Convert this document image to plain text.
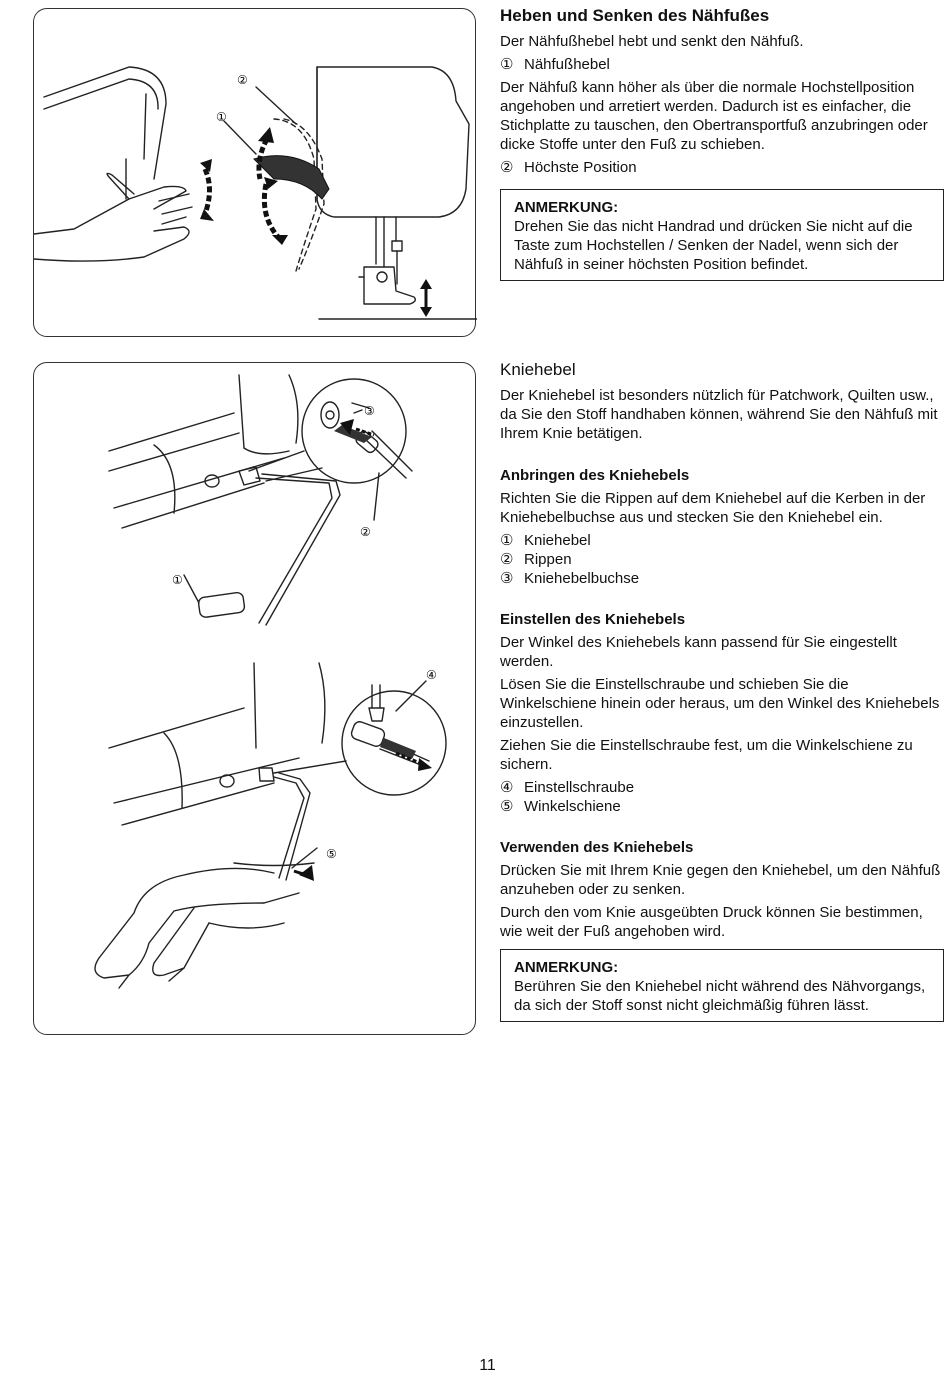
①
②
Heben und Senken des Nähfußes

Der Nähfußhebel hebt und senkt den Nähfuß.

① Nähfußhebel

Der Nähfuß kann höher als über die normale Hochstellposition angehoben und arretiert werden. Dadurch ist es einfacher, die Stichplatte zu tauschen, den Obertransportfuß anzubringen oder dicke Stoffe unter den Fuß zu schieben.

② Höchste Position

ANMERKUNG:
Drehen Sie das nicht Handrad und drücken Sie nicht auf die Taste zum Hochstellen / Senken der Nadel, wenn sich der Nähfuß in seiner höchsten Position befindet.
①
②
③
④
⑤
Kniehebel

Der Kniehebel ist besonders nützlich für Patchwork, Quilten usw., da Sie den Stoff handhaben können, während Sie den Nähfuß mit Ihrem Knie betätigen.

Anbringen des Kniehebels

Richten Sie die Rippen auf dem Kniehebel auf die Kerben in der Kniehebelbuchse aus und stecken Sie den Kniehebel ein.

① Kniehebel

② Rippen

③ Kniehebelbuchse

Einstellen des Kniehebels

Der Winkel des Kniehebels kann passend für Sie eingestellt werden.

Lösen Sie die Einstellschraube und schieben Sie die Winkelschiene hinein oder heraus, um den Winkel des Kniehebels einzustellen.

Ziehen Sie die Einstellschraube fest, um die Winkelschiene zu sichern.

④ Einstellschraube

⑤ Winkelschiene

Verwenden des Kniehebels

Drücken Sie mit Ihrem Knie gegen den Kniehebel, um den Nähfuß anzuheben oder zu senken.

Durch den vom Knie ausgeübten Druck können Sie bestimmen, wie weit der Fuß angehoben wird.

ANMERKUNG:
Berühren Sie den Kniehebel nicht während des Nähvorgangs, da sich der Stoff sonst nicht gleichmäßig führen lässt.
11
